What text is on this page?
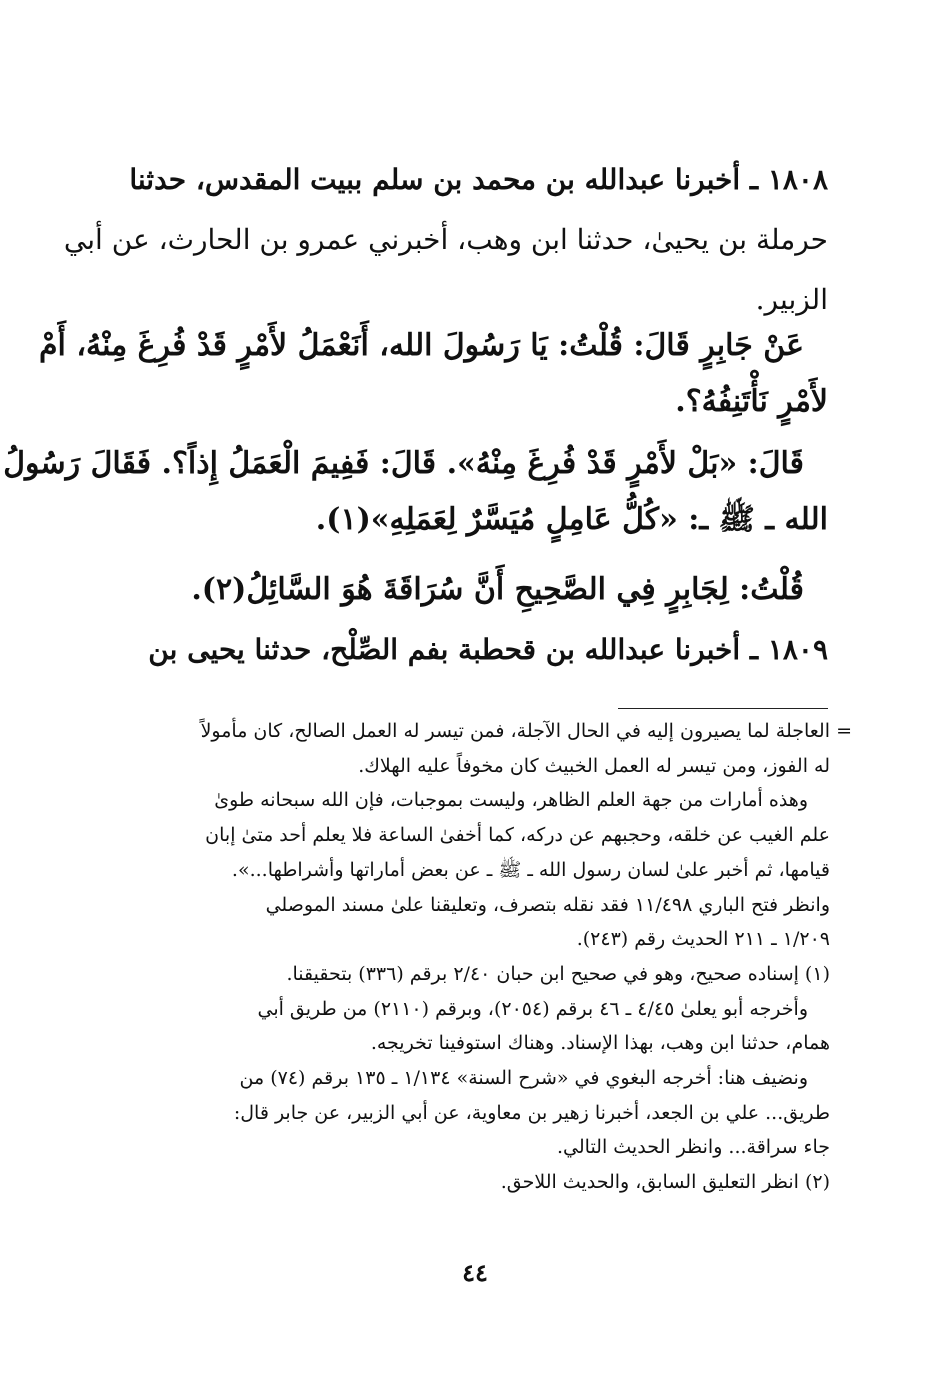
١٨٠٨ ـ أخبرنا عبدالله بن محمد بن سلم ببيت المقدس، حدثنا
حرملة بن يحيىٰ، حدثنا ابن وهب، أخبرني عمرو بن الحارث، عن أبي
الزبير.
عَنْ جَابِرٍ قَالَ: قُلْتُ: يَا رَسُولَ الله، أَنَعْمَلُ لأَمْرٍ قَدْ فُرِغَ مِنْهُ، أَمْ
لأَمْرٍ نَأْتَنِفُهُ؟.
قَالَ: «بَلْ لأَمْرٍ قَدْ فُرِغَ مِنْهُ». قَالَ: فَفِيمَ الْعَمَلُ إِذاً؟. فَقَالَ رَسُولُ
الله ـ ﷺ ـ: «كُلُّ عَامِلٍ مُيَسَّرٌ لِعَمَلِهِ»(١).
قُلْتُ: لِجَابِرٍ فِي الصَّحِيحِ أَنَّ سُرَاقَةَ هُوَ السَّائِلُ(٢).
١٨٠٩ ـ أخبرنا عبدالله بن قحطبة بفم الصِّلْح، حدثنا يحيى بن
=
العاجلة لما يصيرون إليه في الحال الآجلة، فمن تيسر له العمل الصالح، كان مأمولاً
له الفوز، ومن تيسر له العمل الخبيث كان مخوفاً عليه الهلاك.
وهذه أمارات من جهة العلم الظاهر، وليست بموجبات، فإن الله سبحانه طوىٰ
علم الغيب عن خلقه، وحجبهم عن دركه، كما أخفىٰ الساعة فلا يعلم أحد متىٰ إبان
قيامها، ثم أخبر علىٰ لسان رسول الله ـ ﷺ ـ عن بعض أماراتها وأشراطها...».
وانظر فتح الباري ١١/٤٩٨ فقد نقله بتصرف، وتعليقنا علىٰ مسند الموصلي
١/٢٠٩ ـ ٢١١ الحديث رقم (٢٤٣).
(١) إسناده صحيح، وهو في صحيح ابن حبان ٢/٤٠ برقم (٣٣٦) بتحقيقنا.
وأخرجه أبو يعلىٰ ٤/٤٥ ـ ٤٦ برقم (٢٠٥٤)، وبرقم (٢١١٠) من طريق أبي
همام، حدثنا ابن وهب، بهذا الإسناد. وهناك استوفينا تخريجه.
ونضيف هنا: أخرجه البغوي في «شرح السنة» ١/١٣٤ ـ ١٣٥ برقم (٧٤) من
طريق... علي بن الجعد، أخبرنا زهير بن معاوية، عن أبي الزبير، عن جابر قال:
جاء سراقة... وانظر الحديث التالي.
(٢) انظر التعليق السابق، والحديث اللاحق.
٤٤
